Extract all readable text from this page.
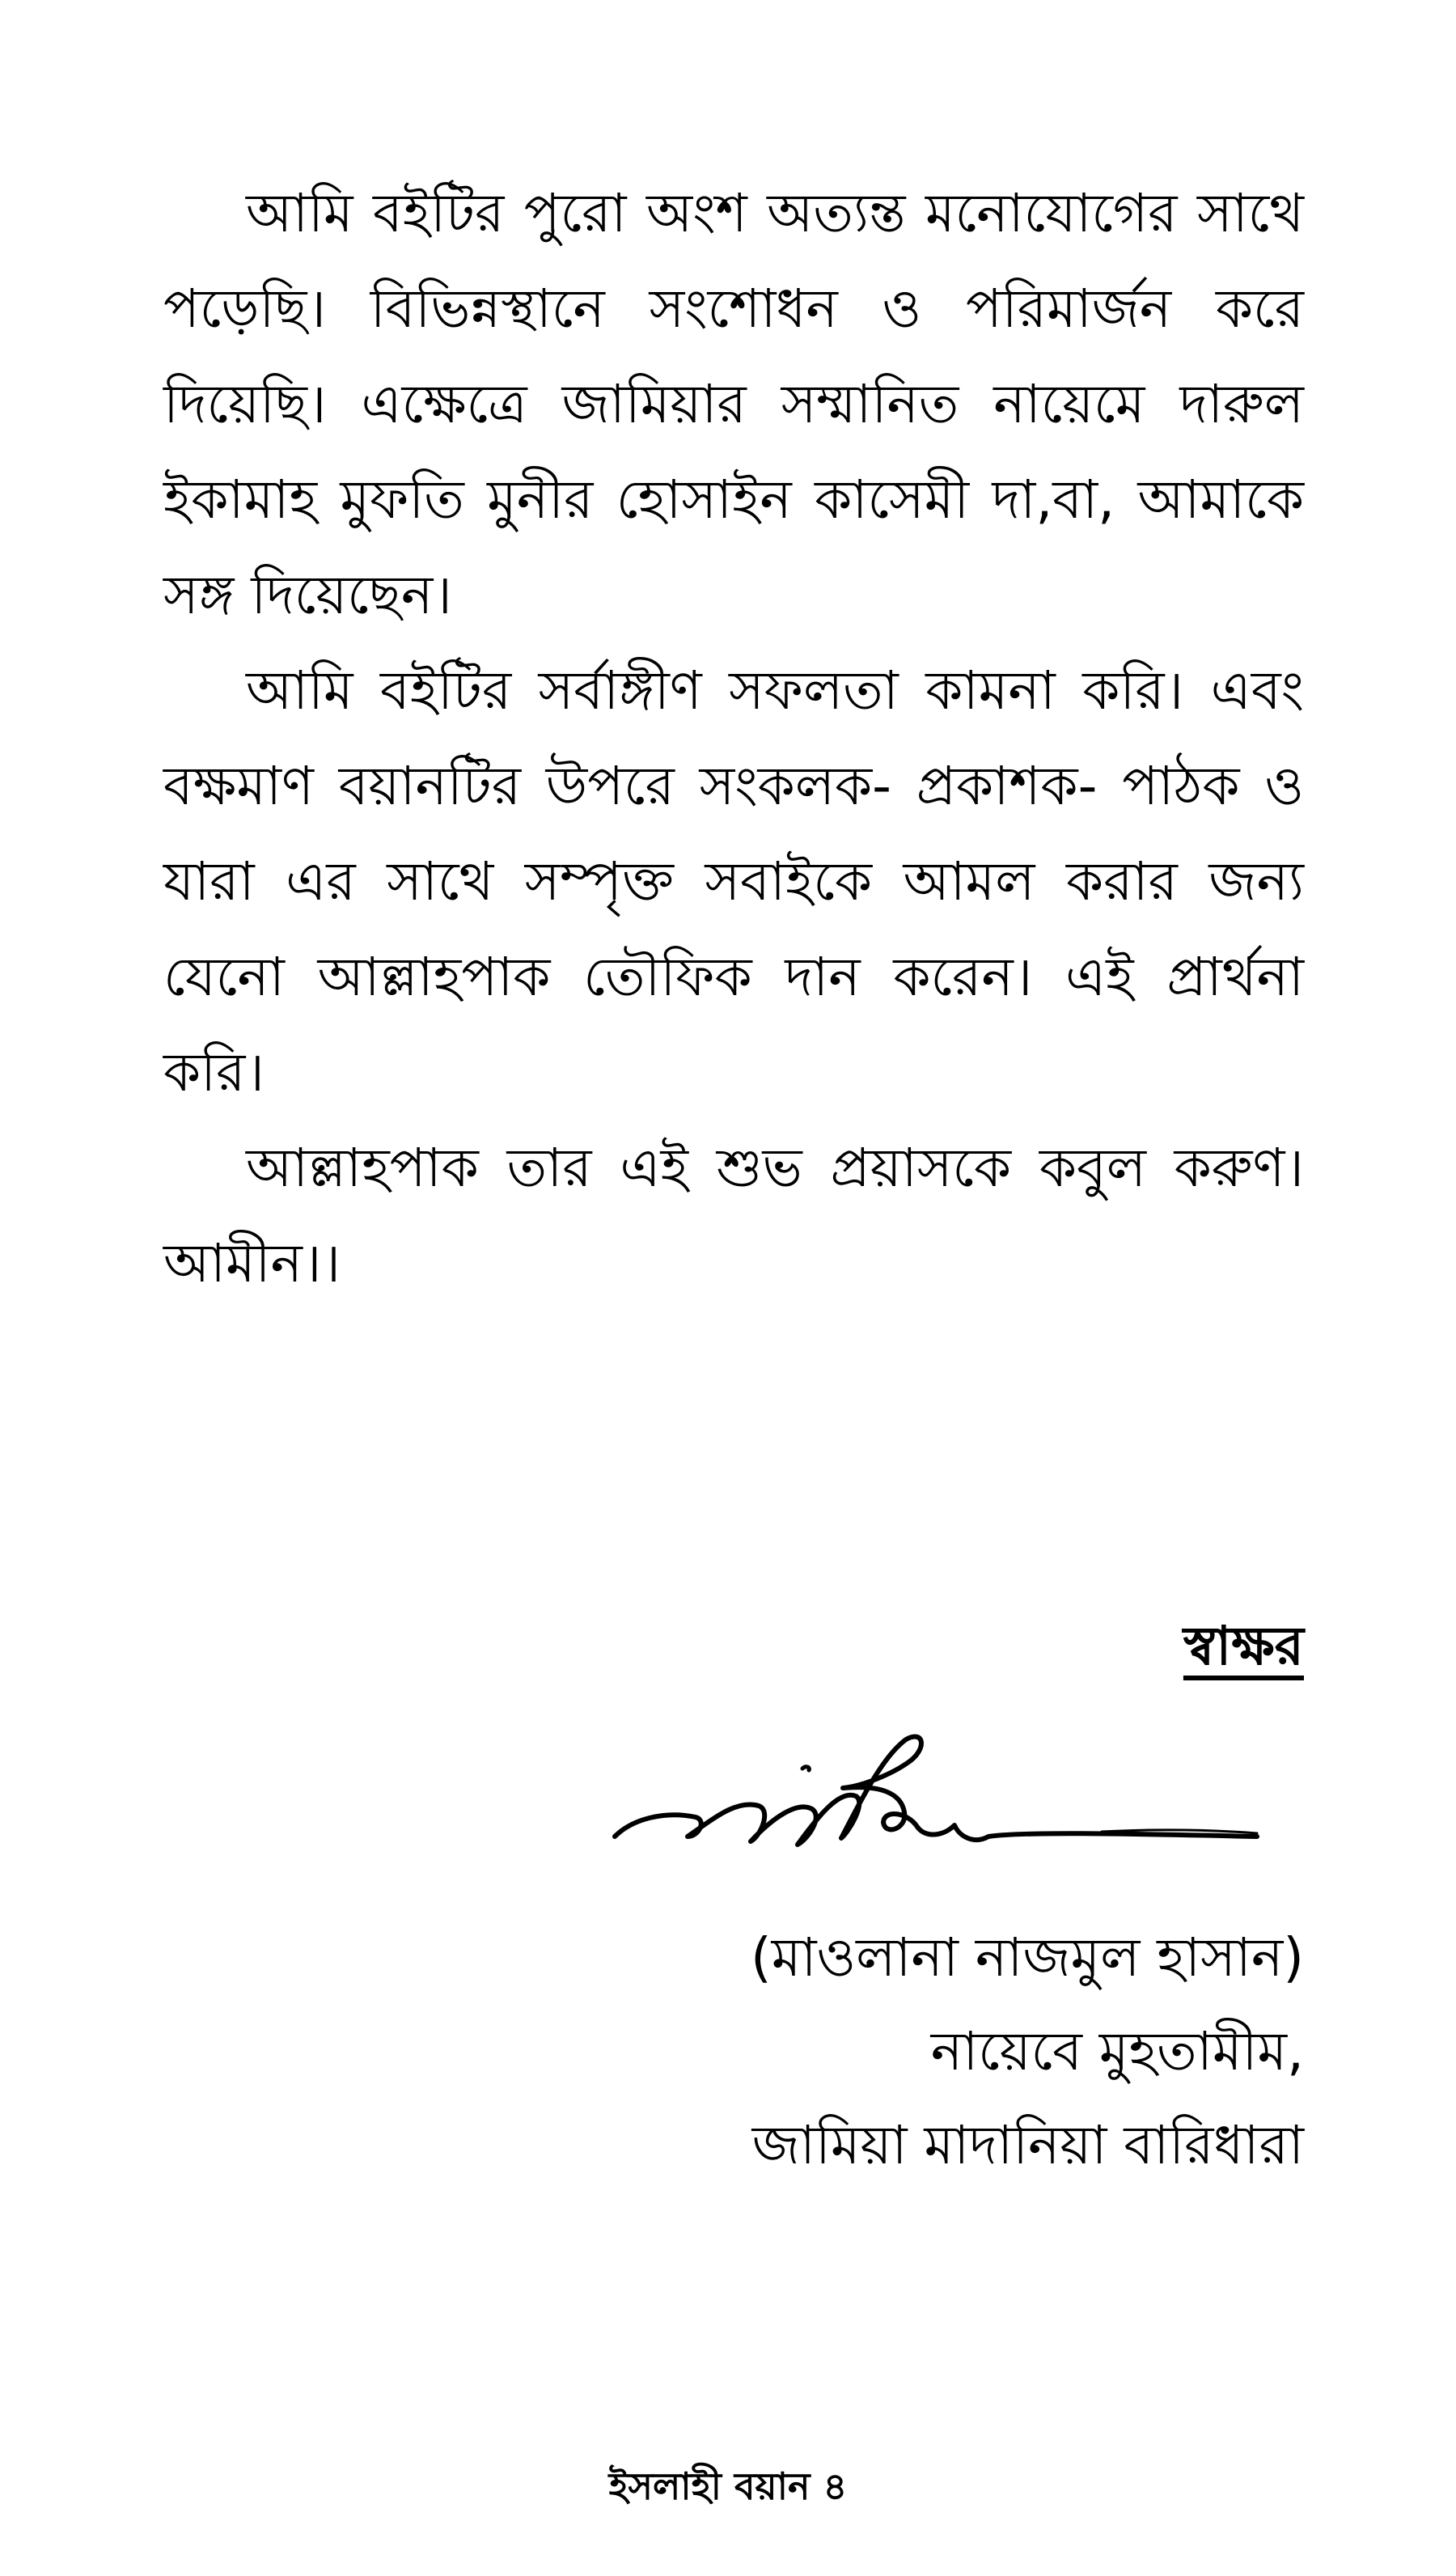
আমি বইটির পুরো অংশ অত্যন্ত মনোযোগের সাথে পড়েছি। বিভিন্নস্থানে সংশোধন ও পরিমার্জন করে দিয়েছি। এক্ষেত্রে জামিয়ার সম্মানিত নায়েমে দারুল ইকামাহ মুফতি মুনীর হোসাইন কাসেমী দা,বা, আমাকে সঙ্গ দিয়েছেন।

আমি বইটির সর্বাঙ্গীণ সফলতা কামনা করি। এবং বক্ষমাণ বয়ানটির উপরে সংকলক- প্রকাশক- পাঠক ও যারা এর সাথে সম্পৃক্ত সবাইকে আমল করার জন্য যেনো আল্লাহপাক তৌফিক দান করেন। এই প্রার্থনা করি।

আল্লাহপাক তার এই শুভ প্রয়াসকে কবুল করুণ। আমীন।।

স্বাক্ষর
(মাওলানা নাজমুল হাসান)
নায়েবে মুহতামীম,
জামিয়া মাদানিয়া বারিধারা
ইসলাহী বয়ান ৪
